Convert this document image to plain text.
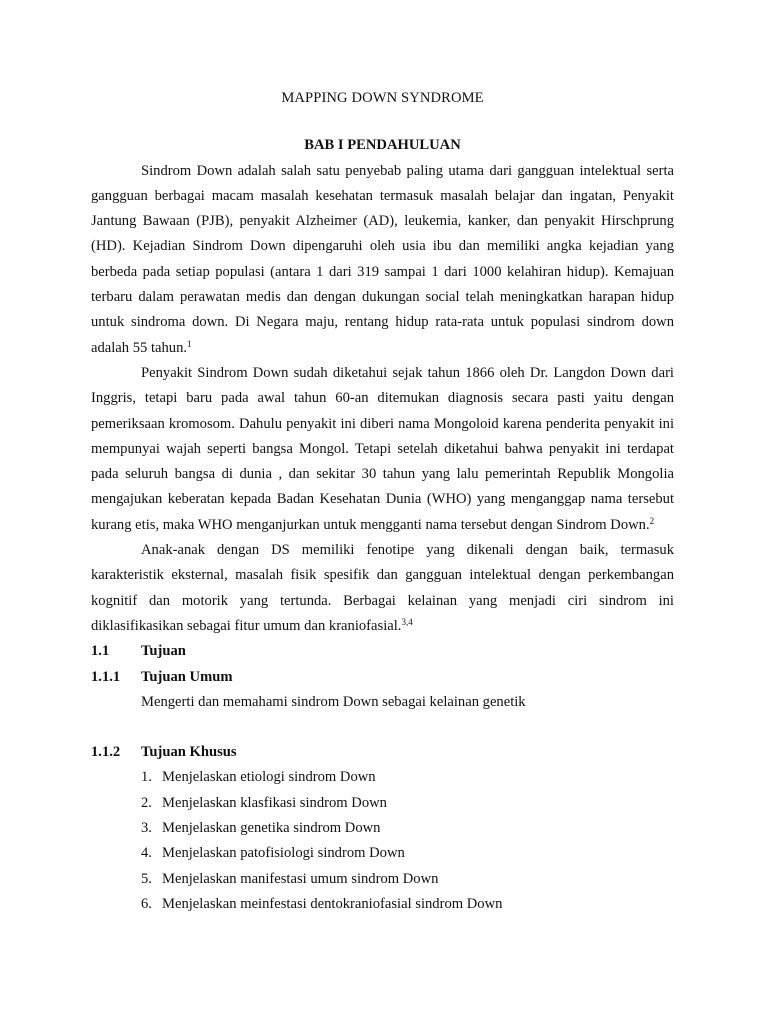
MAPPING DOWN SYNDROME
BAB I PENDAHULUAN

Sindrom Down adalah salah satu penyebab paling utama dari gangguan intelektual serta gangguan berbagai macam masalah kesehatan termasuk masalah belajar dan ingatan, Penyakit Jantung Bawaan (PJB), penyakit Alzheimer (AD), leukemia, kanker, dan penyakit Hirschprung (HD). Kejadian Sindrom Down dipengaruhi oleh usia ibu dan memiliki angka kejadian yang berbeda pada setiap populasi (antara 1 dari 319 sampai 1 dari 1000 kelahiran hidup). Kemajuan terbaru dalam perawatan medis dan dengan dukungan social telah meningkatkan harapan hidup untuk sindroma down. Di Negara maju, rentang hidup rata-rata untuk populasi sindrom down adalah 55 tahun.$^1$

Penyakit Sindrom Down sudah diketahui sejak tahun 1866 oleh Dr. Langdon Down dari Inggris, tetapi baru pada awal tahun 60-an ditemukan diagnosis secara pasti yaitu dengan pemeriksaan kromosom. Dahulu penyakit ini diberi nama Mongoloid karena penderita penyakit ini mempunyai wajah seperti bangsa Mongol. Tetapi setelah diketahui bahwa penyakit ini terdapat pada seluruh bangsa di dunia , dan sekitar 30 tahun yang lalu pemerintah Republik Mongolia mengajukan keberatan kepada Badan Kesehatan Dunia (WHO) yang menganggap nama tersebut kurang etis, maka WHO menganjurkan untuk mengganti nama tersebut dengan Sindrom Down.$^2$

Anak-anak dengan DS memiliki fenotipe yang dikenali dengan baik, termasuk karakteristik eksternal, masalah fisik spesifik dan gangguan intelektual dengan perkembangan kognitif dan motorik yang tertunda. Berbagai kelainan yang menjadi ciri sindrom ini diklasifikasikan sebagai fitur umum dan kraniofasial.$^{3,4}$

1.1	Tujuan
1.1.1	Tujuan Umum

Mengerti dan memahami sindrom Down sebagai kelainan genetik

1.1.2	Tujuan Khusus
1. Menjelaskan etiologi sindrom Down
2. Menjelaskan klasfikasi sindrom Down
3. Menjelaskan genetika sindrom Down
4. Menjelaskan patofisiologi sindrom Down
5. Menjelaskan manifestasi umum sindrom Down
6. Menjelaskan meinfestasi dentokraniofasial sindrom Down
